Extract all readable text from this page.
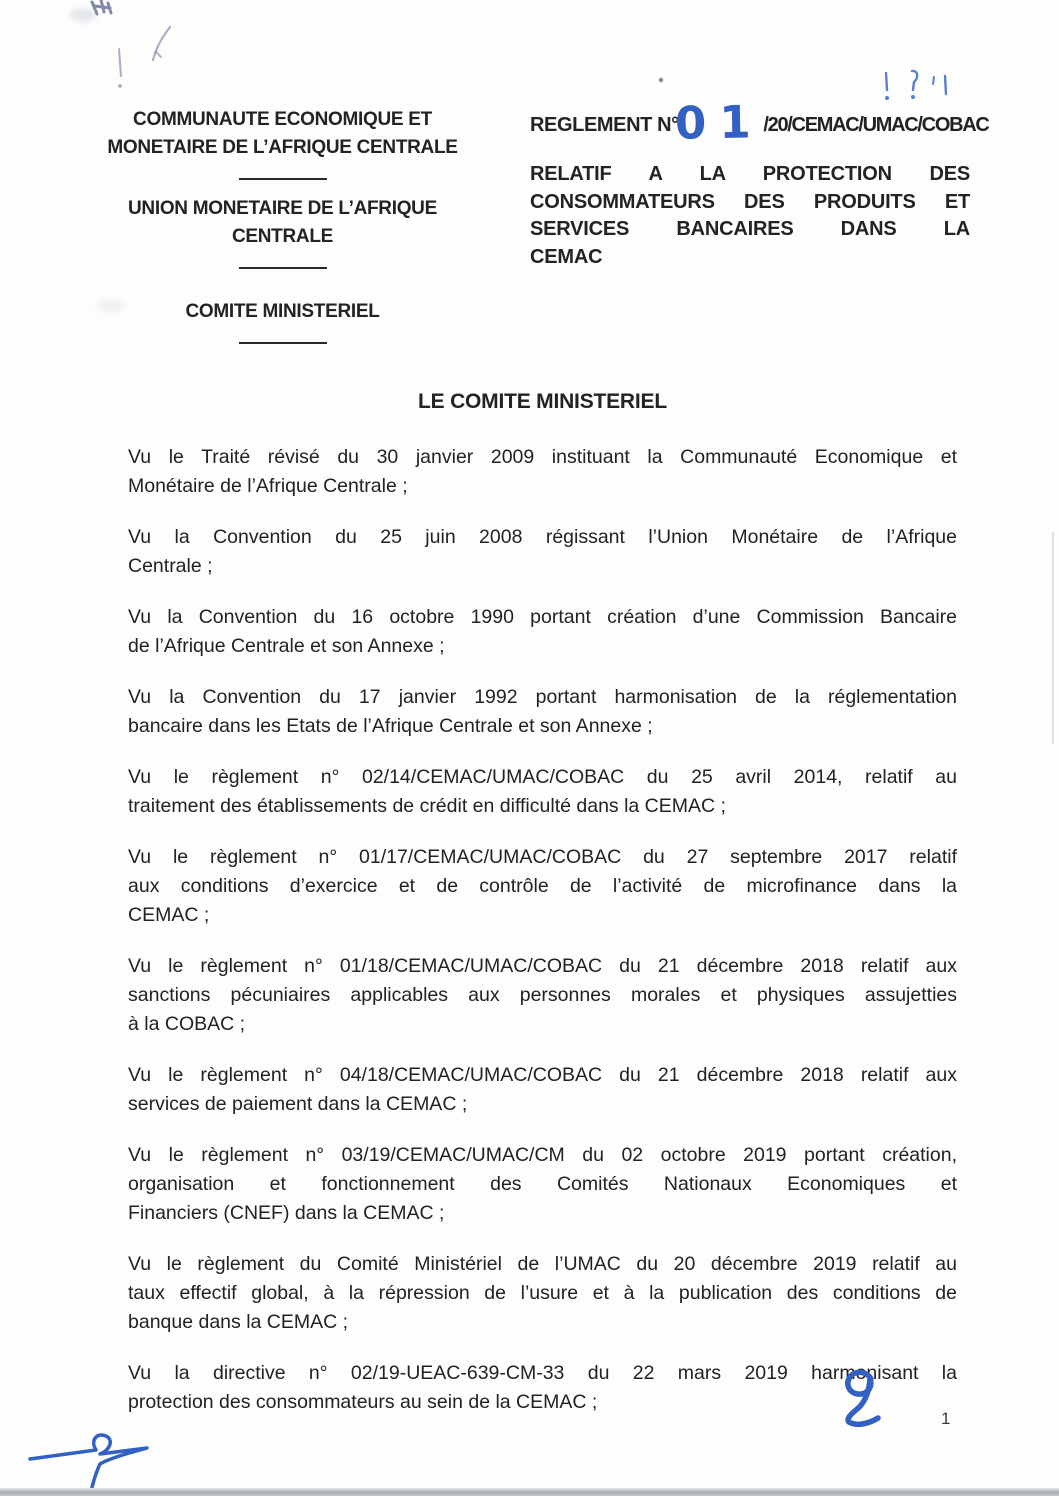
COMMUNAUTE ECONOMIQUE ET
MONETAIRE DE L’AFRIQUE CENTRALE
UNION MONETAIRE DE L’AFRIQUE
CENTRALE
COMITE MINISTERIEL
REGLEMENT N°
01 /20/CEMAC/UMAC/COBAC
RELATIF A LA PROTECTION DES
CONSOMMATEURS DES PRODUITS ET
SERVICES BANCAIRES DANS LA
CEMAC
LE COMITE MINISTERIEL
Vu le Traité révisé du 30 janvier 2009 instituant la Communauté Economique et
Monétaire de l’Afrique Centrale ;
Vu la Convention du 25 juin 2008 régissant l’Union Monétaire de l’Afrique
Centrale ;
Vu la Convention du 16 octobre 1990 portant création d’une Commission Bancaire
de l’Afrique Centrale et son Annexe ;
Vu la Convention du 17 janvier 1992 portant harmonisation de la réglementation
bancaire dans les Etats de l’Afrique Centrale et son Annexe ;
Vu le règlement n° 02/14/CEMAC/UMAC/COBAC du 25 avril 2014, relatif au
traitement des établissements de crédit en difficulté dans la CEMAC ;
Vu le règlement n° 01/17/CEMAC/UMAC/COBAC du 27 septembre 2017 relatif
aux conditions d’exercice et de contrôle de l’activité de microfinance dans la
CEMAC ;
Vu le règlement n° 01/18/CEMAC/UMAC/COBAC du 21 décembre 2018 relatif aux
sanctions pécuniaires applicables aux personnes morales et physiques assujetties
à la COBAC ;
Vu le règlement n° 04/18/CEMAC/UMAC/COBAC du 21 décembre 2018 relatif aux
services de paiement dans la CEMAC ;
Vu le règlement n° 03/19/CEMAC/UMAC/CM du 02 octobre 2019 portant création,
organisation et fonctionnement des Comités Nationaux Economiques et
Financiers (CNEF) dans la CEMAC ;
Vu le règlement du Comité Ministériel de l’UMAC du 20 décembre 2019 relatif au
taux effectif global, à la répression de l’usure et à la publication des conditions de
banque dans la CEMAC ;
Vu la directive n° 02/19-UEAC-639-CM-33 du 22 mars 2019 harmonisant la
protection des consommateurs au sein de la CEMAC ;
1
